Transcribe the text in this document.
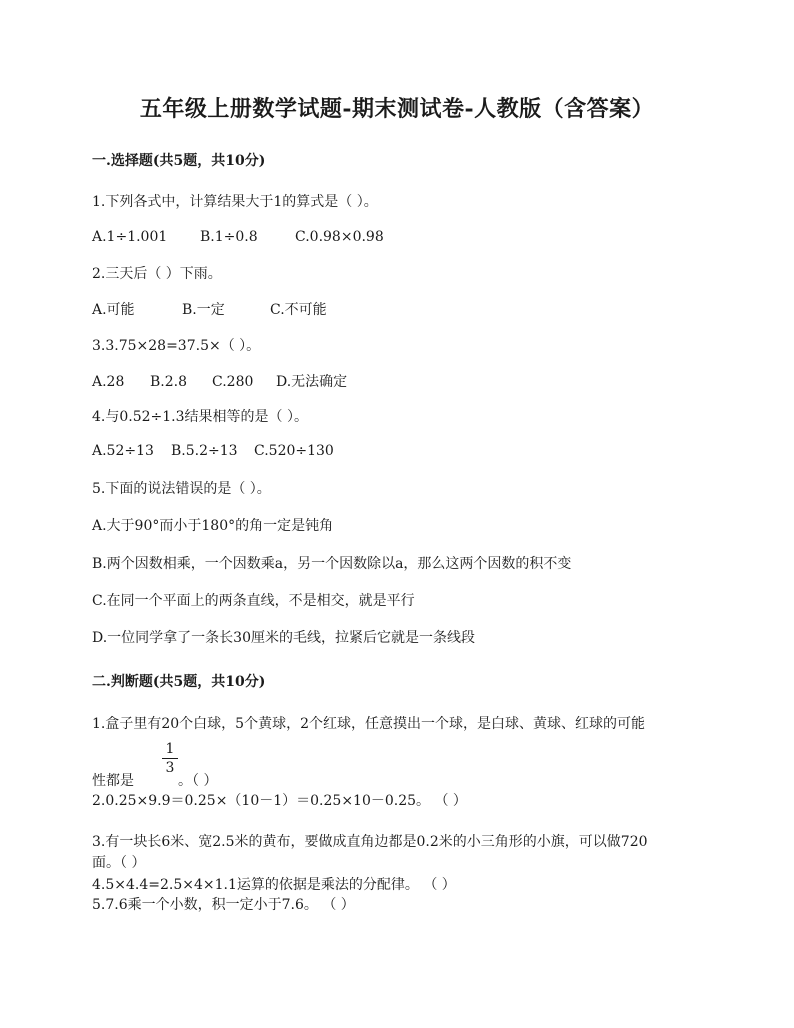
五年级上册数学试题-期末测试卷-人教版（含答案）
一.选择题(共5题，共10分)
1.下列各式中，计算结果大于1的算式是（ ）。
A.1÷1.001 B.1÷0.8	C.0.98×0.98
2.三天后（ ）下雨。
A.可能	B.一定	C.不可能
3.3.75×28=37.5×（ ）。
A.28 B.2.8 C.280 D.无法确定
4.与0.52÷1.3结果相等的是（ ）。
A.52÷13 B.5.2÷13 C.520÷130
5.下面的说法错误的是（ ）。
A.大于90°而小于180°的角一定是钝角
B.两个因数相乘，一个因数乘a，另一个因数除以a，那么这两个因数的积不变
C.在同一个平面上的两条直线，不是相交，就是平行
D.一位同学拿了一条长30厘米的毛线，拉紧后它就是一条线段
二.判断题(共5题，共10分)
1.盒子里有20个白球，5个黄球，2个红球，任意摸出一个球，是白球、黄球、红球的可能
1
3
性都是	。（ ）
2.0.25×9.9＝0.25×（10－1）＝0.25×10－0.25。 （ ）
3.有一块长6米、宽2.5米的黄布，要做成直角边都是0.2米的小三角形的小旗，可以做720
面。（ ）
4.5×4.4=2.5×4×1.1运算的依据是乘法的分配律。 （ ）
5.7.6乘一个小数，积一定小于7.6。 （ ）
